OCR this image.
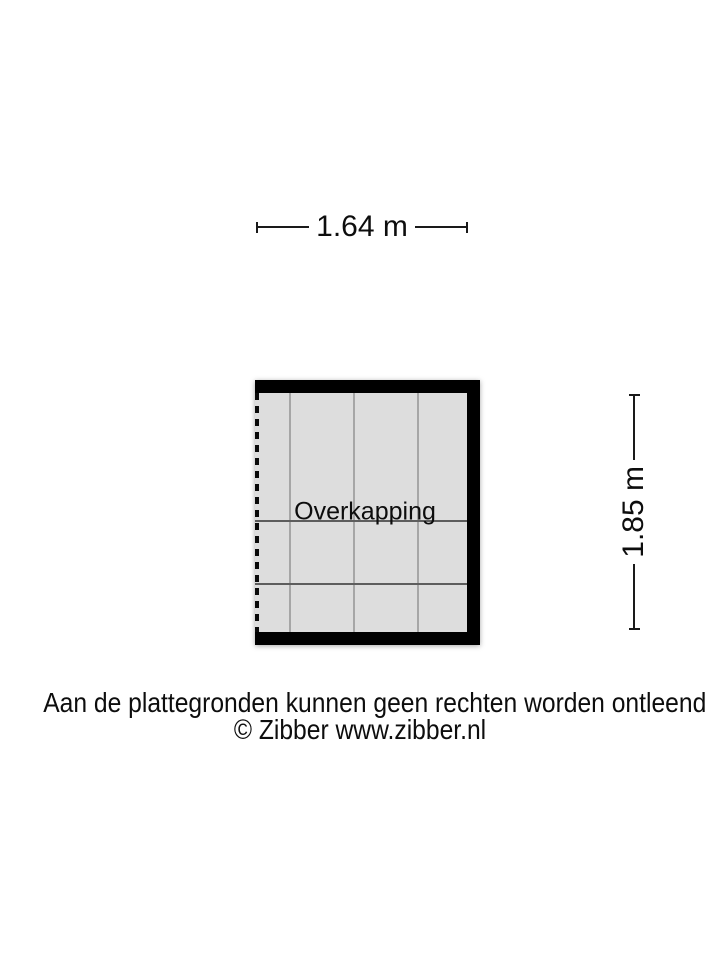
1.64 m
Overkapping	1.85 m
Aan de plattegronden kunnen geen rechten worden ontleend
© Zibber www.zibber.nl
